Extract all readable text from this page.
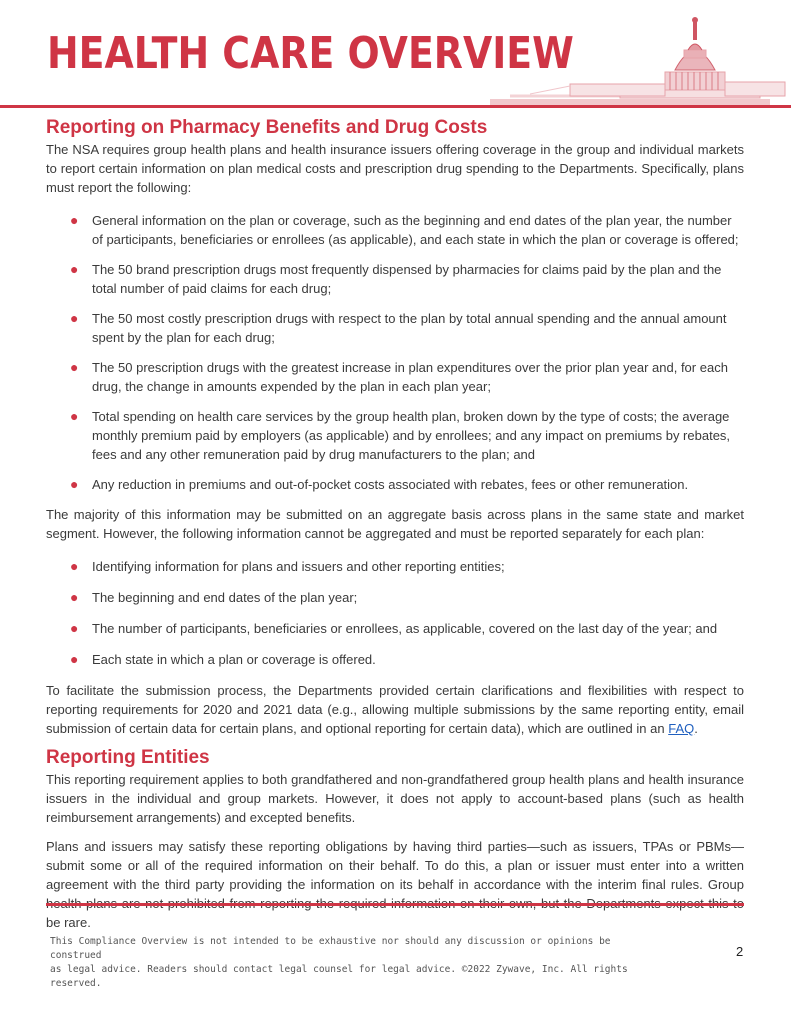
HEALTH CARE OVERVIEW
Reporting on Pharmacy Benefits and Drug Costs

The NSA requires group health plans and health insurance issuers offering coverage in the group and individual markets to report certain information on plan medical costs and prescription drug spending to the Departments. Specifically, plans must report the following:

● General information on the plan or coverage, such as the beginning and end dates of the plan year, the number of participants, beneficiaries or enrollees (as applicable), and each state in which the plan or coverage is offered;
● The 50 brand prescription drugs most frequently dispensed by pharmacies for claims paid by the plan and the total number of paid claims for each drug;
● The 50 most costly prescription drugs with respect to the plan by total annual spending and the annual amount spent by the plan for each drug;
● The 50 prescription drugs with the greatest increase in plan expenditures over the prior plan year and, for each drug, the change in amounts expended by the plan in each plan year;
● Total spending on health care services by the group health plan, broken down by the type of costs; the average monthly premium paid by employers (as applicable) and by enrollees; and any impact on premiums by rebates, fees and any other remuneration paid by drug manufacturers to the plan; and
● Any reduction in premiums and out-of-pocket costs associated with rebates, fees or other remuneration.

The majority of this information may be submitted on an aggregate basis across plans in the same state and market segment. However, the following information cannot be aggregated and must be reported separately for each plan:

● Identifying information for plans and issuers and other reporting entities;
● The beginning and end dates of the plan year;
● The number of participants, beneficiaries or enrollees, as applicable, covered on the last day of the year; and
● Each state in which a plan or coverage is offered.

To facilitate the submission process, the Departments provided certain clarifications and flexibilities with respect to reporting requirements for 2020 and 2021 data (e.g., allowing multiple submissions by the same reporting entity, email submission of certain data for certain plans, and optional reporting for certain data), which are outlined in an FAQ.

Reporting Entities

This reporting requirement applies to both grandfathered and non-grandfathered group health plans and health insurance issuers in the individual and group markets. However, it does not apply to account-based plans (such as health reimbursement arrangements) and excepted benefits.

Plans and issuers may satisfy these reporting obligations by having third parties—such as issuers, TPAs or PBMs—submit some or all of the required information on their behalf. To do this, a plan or issuer must enter into a written agreement with the third party providing the information on its behalf in accordance with the interim final rules. Group be rare.

This Compliance Overview is not intended to be exhaustive nor should any discussion or opinions be construed
as legal advice. Readers should contact legal counsel for legal advice. ©2022 Zywave, Inc. All rights reserved.
2
